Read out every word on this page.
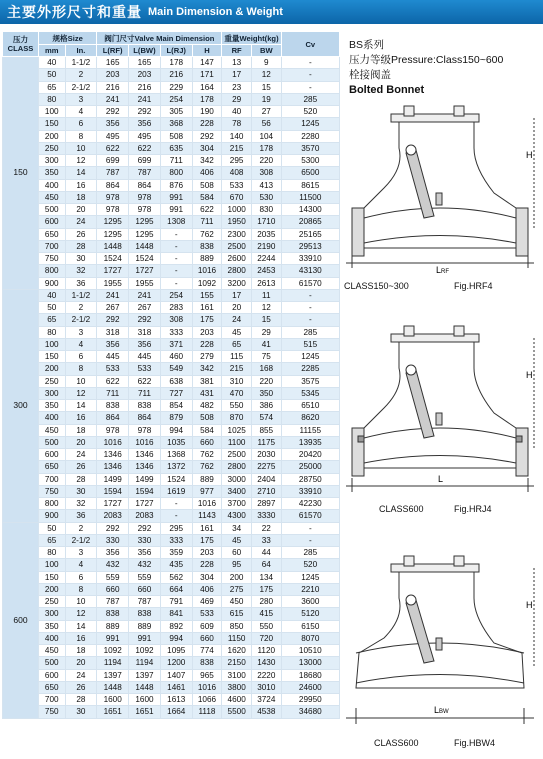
主要外形尺寸和重量 Main Dimension & Weight
压力
CLASS	规格Size		阀门尺寸Valve Main Dimension				重量Weight(kg)		Cv
	mm	In.	L(RF)	L(BW)	L(RJ)	H	RF	BW	
150	40	1-1/2	165	165	178	147	13	9	-
	50	2	203	203	216	171	17	12	-
	65	2-1/2	216	216	229	164	23	15	-
	80	3	241	241	254	178	29	19	285
	100	4	292	292	305	190	40	27	520
	150	6	356	356	368	228	78	56	1245
	200	8	495	495	508	292	140	104	2280
	250	10	622	622	635	304	215	178	3570
	300	12	699	699	711	342	295	220	5300
	350	14	787	787	800	406	408	308	6500
	400	16	864	864	876	508	533	413	8615
	450	18	978	978	991	584	670	530	11500
	500	20	978	978	991	622	1000	830	14300
	600	24	1295	1295	1308	711	1950	1710	20865
	650	26	1295	1295	-	762	2300	2035	25165
	700	28	1448	1448	-	838	2500	2190	29513
	750	30	1524	1524	-	889	2600	2244	33910
	800	32	1727	1727	-	1016	2800	2453	43130
	900	36	1955	1955	-	1092	3200	2613	61570
300	40	1-1/2	241	241	254	155	17	11	-
	50	2	267	267	283	161	20	12	-
	65	2-1/2	292	292	308	175	24	15	-
	80	3	318	318	333	203	45	29	285
	100	4	356	356	371	228	65	41	515
	150	6	445	445	460	279	115	75	1245
	200	8	533	533	549	342	215	168	2285
	250	10	622	622	638	381	310	220	3575
	300	12	711	711	727	431	470	350	5345
	350	14	838	838	854	482	550	386	6510
	400	16	864	864	879	508	870	574	8620
	450	18	978	978	994	584	1025	855	11155
	500	20	1016	1016	1035	660	1100	1175	13935
	600	24	1346	1346	1368	762	2500	2030	20420
	650	26	1346	1346	1372	762	2800	2275	25000
	700	28	1499	1499	1524	889	3000	2404	28750
	750	30	1594	1594	1619	977	3400	2710	33910
	800	32	1727	1727	-	1016	3700	2897	42230
	900	36	2083	2083	-	1143	4300	3330	61570
600	50	2	292	292	295	161	34	22	-
	65	2-1/2	330	330	333	175	45	33	-
	80	3	356	356	359	203	60	44	285
	100	4	432	432	435	228	95	64	520
	150	6	559	559	562	304	200	134	1245
	200	8	660	660	664	406	275	175	2210
	250	10	787	787	791	469	450	280	3600
	300	12	838	838	841	533	615	415	5120
	350	14	889	889	892	609	850	550	6150
	400	16	991	991	994	660	1150	720	8070
	450	18	1092	1092	1095	774	1620	1120	10510
	500	20	1194	1194	1200	838	2150	1430	13000
	600	24	1397	1397	1407	965	3100	2220	18680
	650	26	1448	1448	1461	1016	3800	3010	24600
	700	28	1600	1600	1613	1066	4600	3724	29950
	750	30	1651	1651	1664	1118	5500	4538	34680
BS系列
压力等级Pressure:Class150~600
栓接阀盖
Bolted Bonnet
H
LRF
CLASS150~300	Fig.HRF4
H
L
CLASS600	Fig.HRJ4
H
LBW
CLASS600	Fig.HBW4
